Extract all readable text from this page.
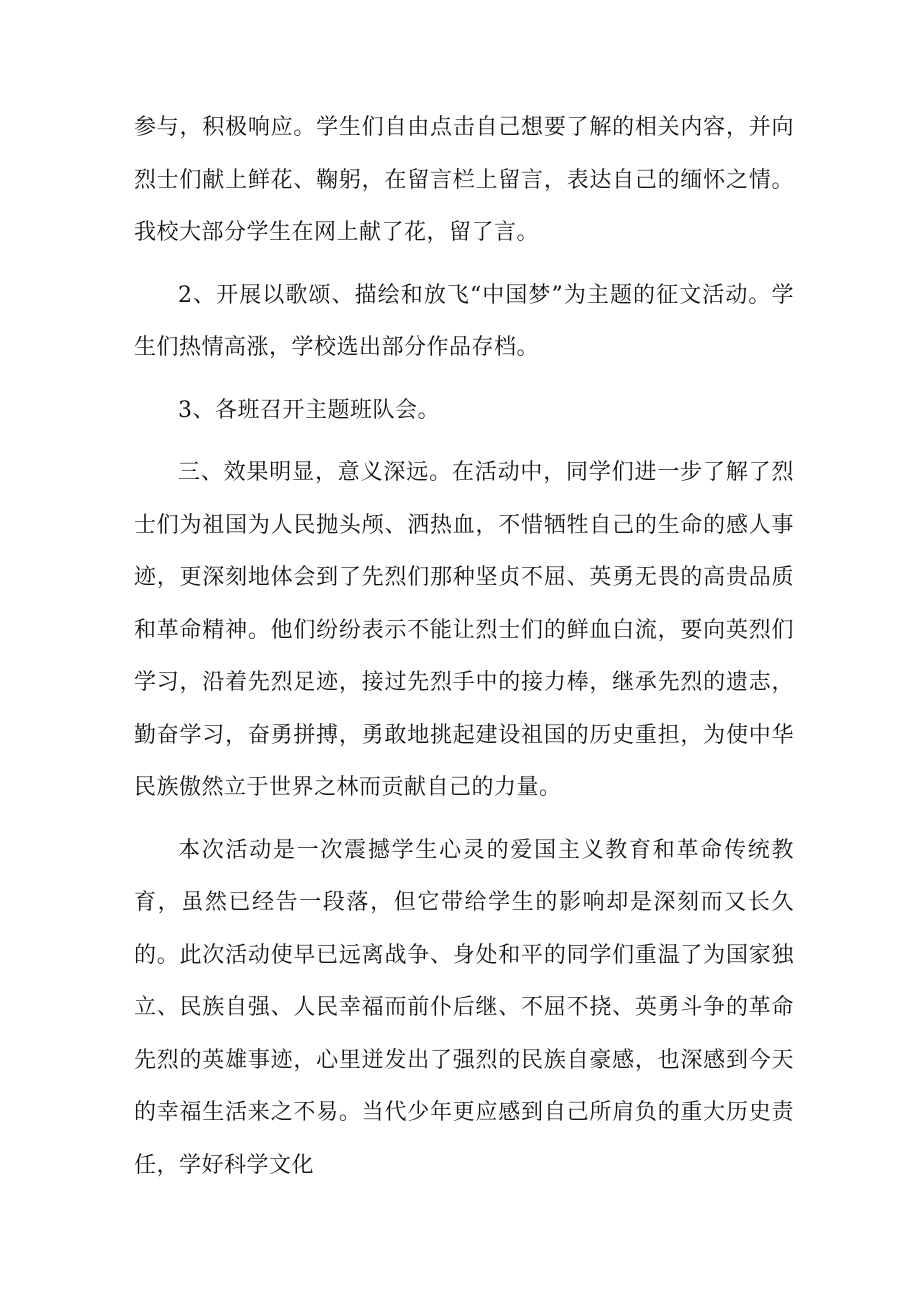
参与，积极响应。学生们自由点击自己想要了解的相关内容，并向烈士们献上鲜花、鞠躬，在留言栏上留言，表达自己的缅怀之情。我校大部分学生在网上献了花，留了言。

2、开展以歌颂、描绘和放飞“中国梦”为主题的征文活动。学生们热情高涨，学校选出部分作品存档。

3、各班召开主题班队会。

三、效果明显，意义深远。在活动中，同学们进一步了解了烈士们为祖国为人民抛头颅、洒热血，不惜牺牲自己的生命的感人事迹，更深刻地体会到了先烈们那种坚贞不屈、英勇无畏的高贵品质和革命精神。他们纷纷表示不能让烈士们的鲜血白流，要向英烈们学习，沿着先烈足迹，接过先烈手中的接力棒，继承先烈的遗志，勤奋学习，奋勇拼搏，勇敢地挑起建设祖国的历史重担，为使中华民族傲然立于世界之林而贡献自己的力量。

本次活动是一次震撼学生心灵的爱国主义教育和革命传统教育，虽然已经告一段落，但它带给学生的影响却是深刻而又长久的。此次活动使早已远离战争、身处和平的同学们重温了为国家独立、民族自强、人民幸福而前仆后继、不屈不挠、英勇斗争的革命先烈的英雄事迹，心里迸发出了强烈的民族自豪感，也深感到今天的幸福生活来之不易。当代少年更应感到自己所肩负的重大历史责任，学好科学文化
